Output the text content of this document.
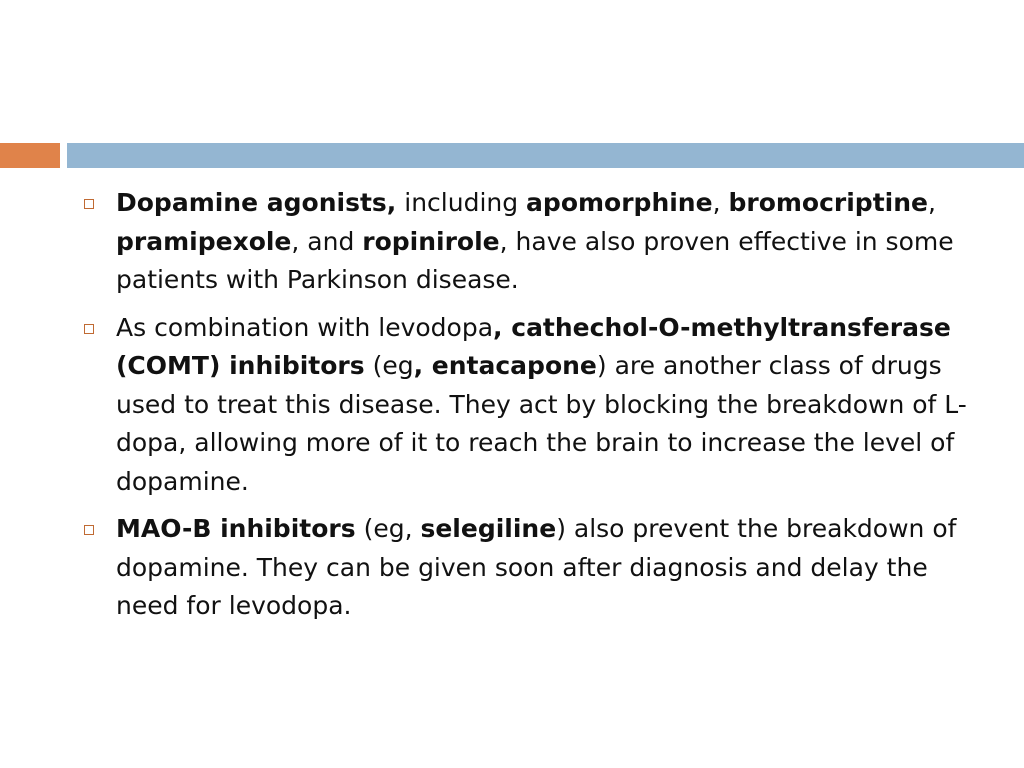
Dopamine agonists, including apomorphine, bromocriptine, pramipexole, and ropinirole, have also proven effective in some patients with Parkinson disease.
As combination with levodopa, cathechol-O-methyltransferase (COMT) inhibitors (eg, entacapone) are another class of drugs used to treat this disease. They act by blocking the breakdown of L-dopa, allowing more of it to reach the brain to increase the level of dopamine.
MAO-B inhibitors (eg, selegiline) also prevent the breakdown of dopamine. They can be given soon after diagnosis and delay the need for levodopa.
